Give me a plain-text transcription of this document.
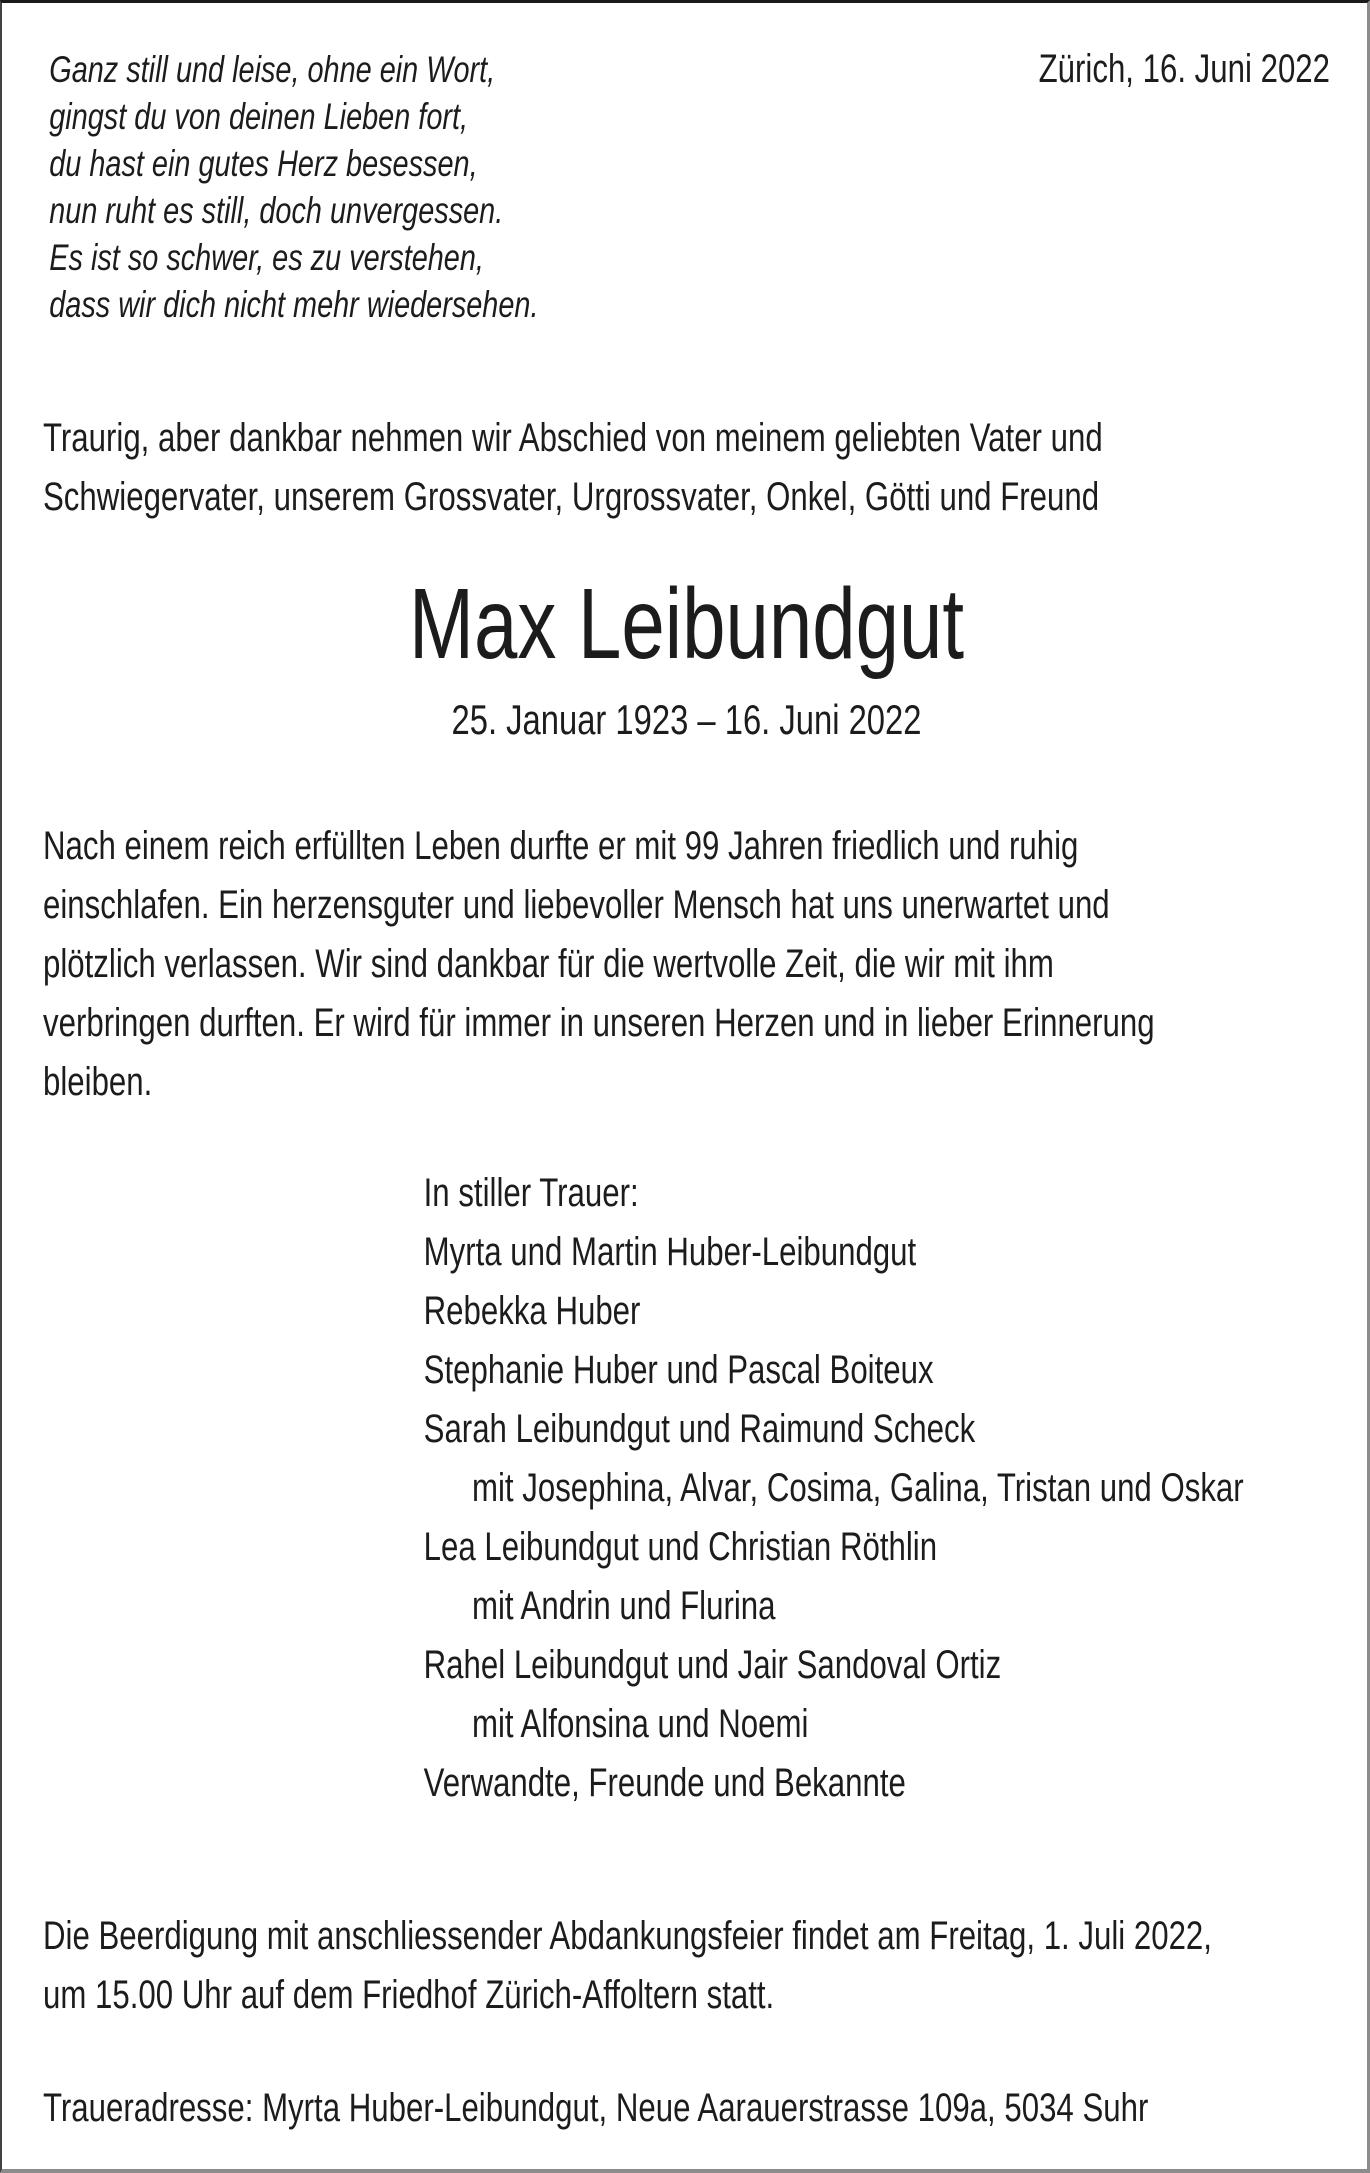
Ganz still und leise, ohne ein Wort,
gingst du von deinen Lieben fort,
du hast ein gutes Herz besessen,
nun ruht es still, doch unvergessen.
Es ist so schwer, es zu verstehen,
dass wir dich nicht mehr wiedersehen.
Zürich, 16. Juni 2022
Traurig, aber dankbar nehmen wir Abschied von meinem geliebten Vater und
Schwiegervater, unserem Grossvater, Urgrossvater, Onkel, Götti und Freund
Max Leibundgut
25. Januar 1923 – 16. Juni 2022
Nach einem reich erfüllten Leben durfte er mit 99 Jahren friedlich und ruhig
einschlafen. Ein herzensguter und liebevoller Mensch hat uns unerwartet und
plötzlich verlassen. Wir sind dankbar für die wertvolle Zeit, die wir mit ihm
verbringen durften. Er wird für immer in unseren Herzen und in lieber Erinnerung
bleiben.
In stiller Trauer:
Myrta und Martin Huber-Leibundgut
Rebekka Huber
Stephanie Huber und Pascal Boiteux
Sarah Leibundgut und Raimund Scheck
mit Josephina, Alvar, Cosima, Galina, Tristan und Oskar
Lea Leibundgut und Christian Röthlin
mit Andrin und Flurina
Rahel Leibundgut und Jair Sandoval Ortiz
mit Alfonsina und Noemi
Verwandte, Freunde und Bekannte
Die Beerdigung mit anschliessender Abdankungsfeier findet am Freitag, 1. Juli 2022,
um 15.00 Uhr auf dem Friedhof Zürich-Affoltern statt.
Traueradresse: Myrta Huber-Leibundgut, Neue Aarauerstrasse 109a, 5034 Suhr
